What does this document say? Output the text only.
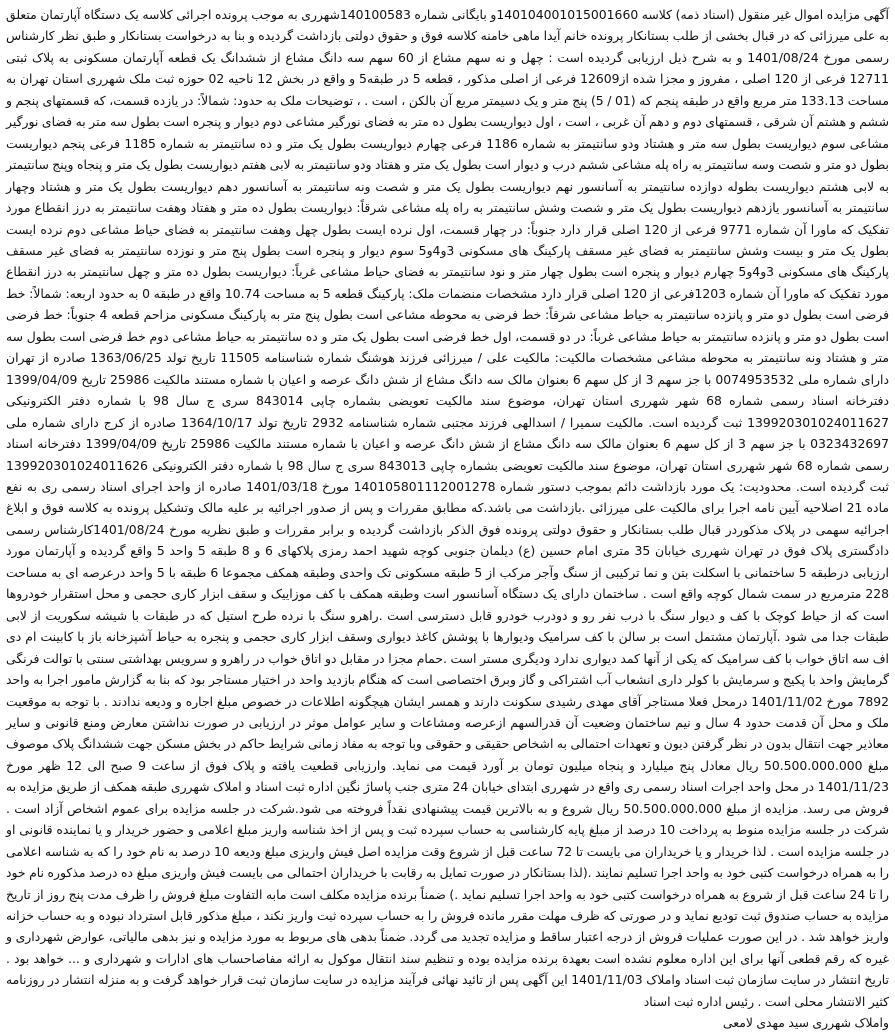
آگهی مزایده اموال غیر منقول (اسناد ذمه) کلاسه 140104001015001660و بایگانی شماره 140100583شهرری به موجب پرونده اجرائی کلاسه یک دستگاه آپارتمان متعلق به علی میرزائی که در قبال بخشی از طلب بستانکار پرونده خانم آیدا ماهی خامنه کلاسه فوق و حقوق دولتی بازداشت گردیده و بنا به درخواست بستانکار و طبق نظر کارشناس رسمی مورخ 1401/08/24 و به شرح ذیل ارزیابی گردیده است : چهل و نه سهم مشاع از 60 سهم سه دانگ مشاع از ششدانگ یک قطعه آپارتمان مسکونی به پلاک ثبتی 12711 فرعی از 120 اصلی ، مفروز و مجزا شده از12609 فرعی از اصلی مذکور ، قطعه 5 در طبقه5 و واقع در بخش 12 ناحیه 02 حوزه ثبت ملک شهرری استان تهران به مساحت 133.13 متر مربع واقع در طبقه پنجم که (01 / 5) پنج متر و یک دسیمتر مربع آن بالکن ، است . ، توضیحات ملک به حدود: شمالاً: در یازده قسمت، که قسمتهای پنجم و ششم و هشتم آن شرقی ، قسمتهای دوم و دهم آن غربی ، است ، اول دیواریست بطول ده متر به فضای نورگیر مشاعی دوم دیوار و پنجره است بطول سه متر به فضای نورگیر مشاعی سوم دیواریست بطول سه متر و هشتاد ودو سانتیمتر به شماره 1186 فرعی چهارم دیواریست بطول یک متر و ده سانتیمتر به شماره 1185 فرعی پنجم دیواریست بطول دو متر و شصت وسه سانتیمتر به راه پله مشاعی ششم درب و دیوار است بطول یک متر و هفتاد ودو سانتیمتر به لابی هفتم دیواریست بطول یک متر و پنجاه وپنج سانتیمتر به لابی هشتم دیواریست بطوله دوازده سانتیمتر به آسانسور نهم دیواریست بطول یک متر و شصت ونه سانتیمتر به آسانسور دهم دیواریست بطول یک متر و هشتاد وچهار سانتیمتر به آسانسور یازدهم دیواریست بطول یک متر و شصت وشش سانتیمتر به راه پله مشاعی شرقاً: دیواریست بطول ده متر و هفتاد وهفت سانتیمتر به درز انقطاع مورد تفکیک که ماورا آن شماره 9771 فرعی از 120 اصلی قرار دارد جنوباً: در چهار قسمت، اول نرده ایست بطول چهل وهفت سانتیمتر به فضای حیاط مشاعی دوم نرده ایست بطول یک متر و بیست وشش سانتیمتر به فضای غیر مسقف پارکینگ های مسکونی 3و4و5 سوم دیوار و پنجره است بطول پنج متر و نوزده سانتیمتر به فضای غیر مسقف پارکینگ های مسکونی 3و4و5 چهارم دیوار و پنجره است بطول چهار متر و نود سانتیمتر به فضای حیاط مشاعی غرباً: دیواریست بطول ده متر و چهل سانتیمتر به درز انقطاع مورد تفکیک که ماورا آن شماره 1203فرعی از 120 اصلی قرار دارد مشخصات منضمات ملک: پارکینگ قطعه 5 به مساحت 10.74 واقع در طبقه 0 به حدود اربعه: شمالاً: خط فرضی است بطول دو متر و پانزده سانتیمتر به حیاط مشاعی شرقاً: خط فرضی به محوطه مشاعی است بطول پنج متر به پارکینگ مسکونی مزاحم قطعه 4 جنوباً: خط فرضی است بطول دو متر و پانزده سانتیمتر به حیاط مشاعی غرباً: در دو قسمت، اول خط فرضی است بطول یک متر و ده سانتیمتر به حیاط مشاعی دوم خط فرضی است بطول سه متر و هشتاد ونه سانتیمتر به محوطه مشاعی مشخصات مالکیت: مالکیت علی / میرزائی فرزند هوشنگ شماره شناسنامه 11505 تاریخ تولد 1363/06/25 صادره از تهران دارای شماره ملی 0074953532 با جز سهم 3 از کل سهم 6 بعنوان مالک سه دانگ مشاع از شش دانگ عرصه و اعیان با شماره مستند مالکیت 25986 تاریخ 1399/04/09 دفترخانه اسناد رسمی شماره 68 شهر شهرری استان تهران، موضوع سند مالکیت تعویضی بشماره چاپی 843014 سری ج سال 98 با شماره دفتر الکترونیکی 139920301024011627 ثبت گردیده است. مالکیت سمیرا / اسدالهی فرزند مجتبی شماره شناسنامه 2932 تاریخ تولد 1364/10/17 صادره از کرج دارای شماره ملی 0323432697 با جز سهم 3 از کل سهم 6 بعنوان مالک سه دانگ مشاع از شش دانگ عرصه و اعیان با شماره مستند مالکیت 25986 تاریخ 1399/04/09 دفترخانه اسناد رسمی شماره 68 شهر شهرری استان تهران، موضوع سند مالکیت تعویضی بشماره چاپی 843013 سری ج سال 98 با شماره دفتر الکترونیکی 139920301024011626 ثبت گردیده است. محدودیت: یک مورد بازداشت دائم بموجب دستور شماره 140105801112001278 مورخ 1401/03/18 صادره از واحد اجرای اسناد رسمی ری به نفع ماده 21 اصلاحیه آیین نامه اجرا برای مالکیت علی میرزائی .بازداشت می باشد.که مطابق مقررات و پس از صدور اجرائیه بر علیه مالک وتشکیل پرونده به کلاسه فوق و ابلاغ اجرائیه سهمی در پلاک مذکوردر قبال طلب بستانکار و حقوق دولتی پرونده فوق الذکر بازداشت گردیده و برابر مقررات و طبق نظریه مورخ 1401/08/24کارشناس رسمی دادگستری پلاک فوق در تهران شهرری خیابان 35 متری امام حسین (ع) دیلمان جنوبی کوچه شهید احمد رمزی پلاکهای 6 و 8 طبقه 5 واحد 5 واقع گردیده و آپارتمان مورد ارزیابی درطبقه 5 ساختمانی با اسکلت بتن و نما ترکیبی از سنگ وآجر مرکب از 5 طبقه مسکونی تک واحدی وطبقه همکف مجموعا 6 طبقه با 5 واحد درعرصه ای به مساحت 228 مترمربع در سمت شمال کوچه واقع است . ساختمان دارای یک دستگاه آسانسور است وطبقه همکف با کف موزاییک و سقف ابزار کاری حجمی و محل استقرار خودروها است که از حیاط کوچک با کف و دیوار سنگ با درب نفر رو و دودرب خودرو قابل دسترسی است .راهرو سنگ با نرده طرح استیل که در طبقات با شیشه سکوریت از لابی طبقات جدا می شود .آپارتمان مشتمل است بر سالن با کف سرامیک ودیوارها با پوشش کاغذ دیواری وسقف ابزار کاری حجمی و پنجره به حیاط آشپزخانه باز با کابینت ام دی اف سه اتاق خواب با کف سرامیک که یکی از آنها کمد دیواری ندارد ودیگری مستر است .حمام مجزا در مقابل دو اتاق خواب در راهرو و سرویس بهداشتی سنتی با توالت فرنگی گرمایش واحد با پکیج و سرمایش با کولر داری انشعاب آب اشتراکی و گاز وبرق اختصاصی است که هنگام بازدید واحد در اختیار مستاجر بود که بنا به گزارش مامور اجرا به واحد 7892 مورخ 1401/11/02 درمحل فعلا مستاجر آقای مهدی رشیدی سکونت دارند و همسر ایشان هیچگونه اطلاعات در خصوص مبلغ اجاره و ودیعه ندادند . با توجه به موقعیت ملک و محل آن قدمت حدود 4 سال و نیم ساختمان وضعیت آن قدرالسهم ازعرصه ومشاعات و سایر عوامل موثر در ارزیابی در صورت نداشتن معارض ومنع قانونی و سایر معاذیر جهت انتقال بدون در نظر گرفتن دیون و تعهدات احتمالی به اشخاص حقیقی و حقوقی وبا توجه به مفاد زمانی شرایط حاکم در بخش مسکن جهت ششدانگ پلاک موصوف مبلغ 50.500.000.000 ریال معادل پنج میلیارد و پنجاه میلیون تومان بر آورد قیمت می نماید. وارزیابی قطعیت یافته و پلاک فوق از ساعت 9 صبح الی 12 ظهر مورخ 1401/11/23 در محل واحد اجرات اسناد رسمی ری واقع در شهرری ابتدای خیابان 24 متری جنب پاساژ نگین اداره ثبت اسناد و املاک شهرری طبقه همکف از طریق مزایده به فروش می رسد. مزایده از مبلغ 50.500.000.000 ریال شروع و به بالاترین قیمت پیشنهادی نقداً فروخته می شود.شرکت در جلسه مزایده برای عموم اشخاص آزاد است . شرکت در جلسه مزایده منوط به پرداخت 10 درصد از مبلغ پایه کارشناسی به حساب سپرده ثبت و پس از اخذ شناسه واریز مبلغ اعلامی و حضور خریدار و یا نماینده قانونی او در جلسه مزایده است . لذا خریدار و یا خریداران می بایست تا 72 ساعت قبل از شروع وقت مزایده اصل فیش واریزی مبلغ ودیعه 10 درصد به نام خود را که به شناسه اعلامی را به همراه درخواست کتبی خود به واحد اجرا تسلیم نمایند .(لذا بستانکار در صورت تمایل به رقابت با خریداران احتمالی می بایست فیش واریزی مبلغ ده درصد مذکوره نام خود را تا 24 ساعت قبل از شروع به همراه درخواست کتبی خود به واحد اجرا تسلیم نماید .) ضمناً برنده مزایده مکلف است مابه التفاوت مبلغ فروش را ظرف مدت پنج روز از تاریخ مزایده به حساب صندوق ثبت تودیع نماید و در صورتی که ظرف مهلت مقرر مانده فروش را به حساب سپرده ثبت واریز نکند ، مبلغ مذکور قابل استرداد نبوده و به حساب خزانه واریز خواهد شد . در این صورت عملیات فروش از درجه اعتبار ساقط و مزایده تجدید می گردد. ضمناً بدهی های مربوط به مورد مزایده و نیز بدهی مالیاتی، عوارض شهرداری و غیره که رقم قطعی آنها برای این اداره معلوم نشده است بعهدة برنده مزایده بوده و تنظیم سند انتقال موکول به ارائه مفاصاحساب های ادارات و شهرداری و ... خواهد بود . تاریخ انتشار در سایت سازمان ثبت اسناد واملاک 1401/11/03 این آگهی پس از تائید نهائی فرآیند مزایده در سایت سازمان ثبت قرار خواهد گرفت و به منزله انتشار در روزنامه کثیر الانتشار محلی است . رئیس اداره ثبت اسناد

واملاک شهرری سید مهدی لامعی
